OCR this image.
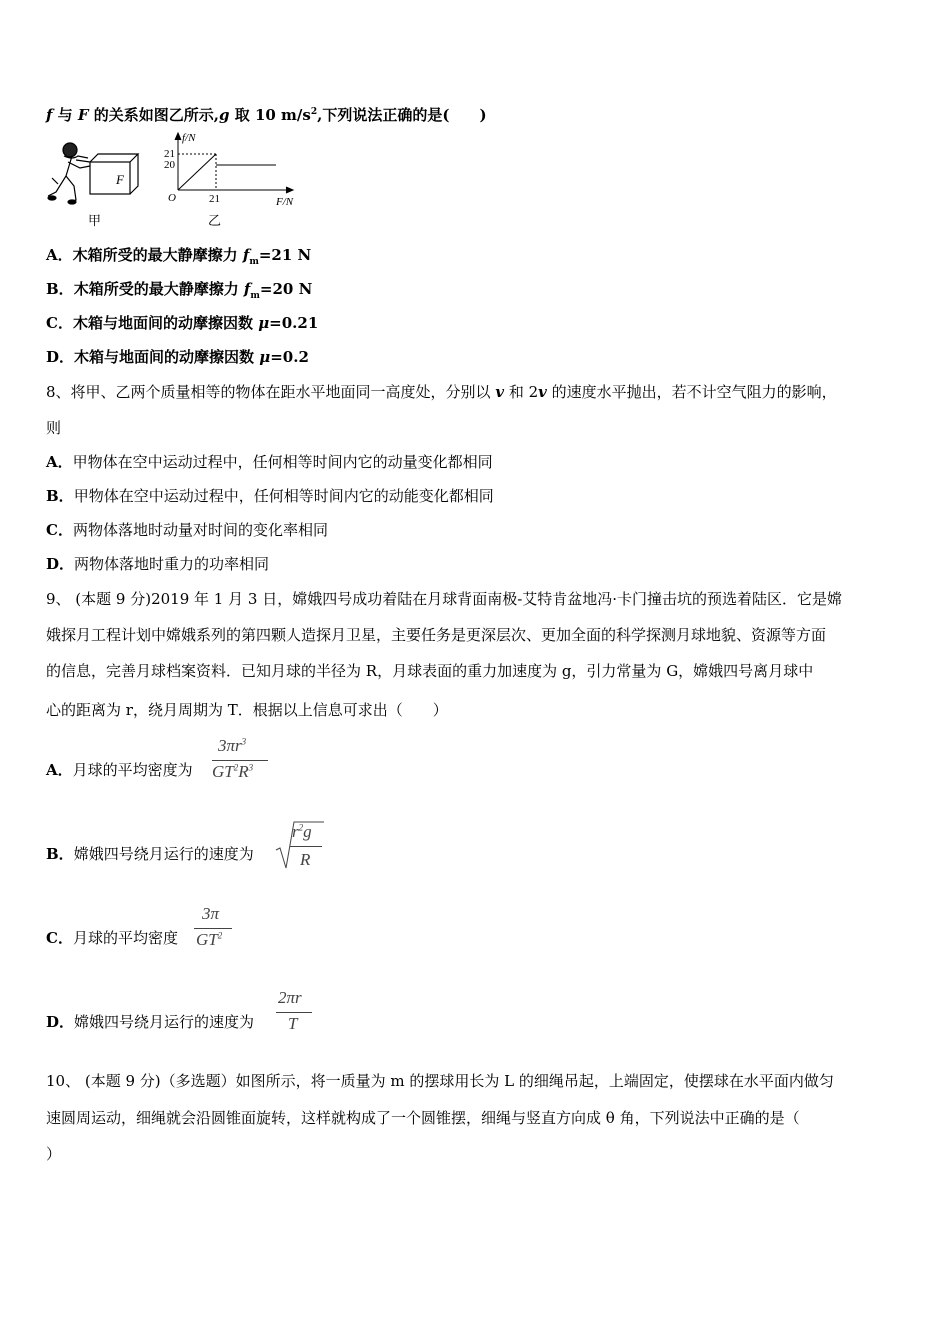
f 与 F 的关系如图乙所示,g 取 10 $m/s^2$,下列说法正确的是(　　)
F
甲
f/N
21
20
O	21	F/N
乙
A．木箱所受的最大静摩擦力 $f_m=21$ N
B．木箱所受的最大静摩擦力 $f_m=20$ N
C．木箱与地面间的动摩擦因数 μ=0.21
D．木箱与地面间的动摩擦因数 μ=0.2
8、将甲、乙两个质量相等的物体在距水平地面同一高度处，分别以 v 和 2v 的速度水平抛出，若不计空气阻力的影响，
则
A．甲物体在空中运动过程中，任何相等时间内它的动量变化都相同
B．甲物体在空中运动过程中，任何相等时间内它的动能变化都相同
C．两物体落地时动量对时间的变化率相同
D．两物体落地时重力的功率相同
9、 (本题 9 分)2019 年 1 月 3 日，嫦娥四号成功着陆在月球背面南极-艾特肯盆地冯·卡门撞击坑的预选着陆区．它是嫦
娥探月工程计划中嫦娥系列的第四颗人造探月卫星，主要任务是更深层次、更加全面的科学探测月球地貌、资源等方面
的信息，完善月球档案资料．已知月球的半径为 R，月球表面的重力加速度为 g，引力常量为 G，嫦娥四号离月球中
心的距离为 r，绕月周期为 T．根据以上信息可求出（　　）
A．月球的平均密度为
$3\pi r^3$
$GT^2R^3$
B．嫦娥四号绕月运行的速度为
$r^2g$
R
C．月球的平均密度
3π
$GT^2$
D．嫦娥四号绕月运行的速度为
2πr
T
10、 (本题 9 分)（多选题）如图所示，将一质量为 m 的摆球用长为 L 的细绳吊起，上端固定，使摆球在水平面内做匀
速圆周运动，细绳就会沿圆锥面旋转，这样就构成了一个圆锥摆，细绳与竖直方向成 θ 角，下列说法中正确的是（
）
